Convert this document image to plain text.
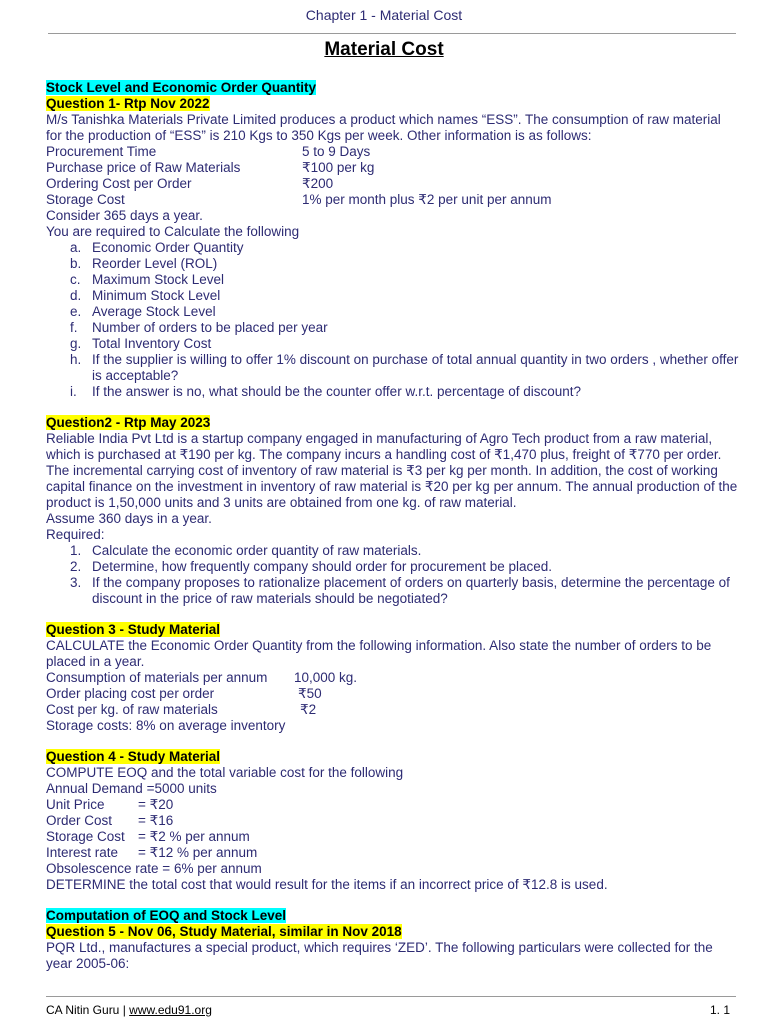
Chapter 1 - Material Cost
Material Cost

Stock Level and Economic Order Quantity

Question 1- Rtp Nov 2022

M/s Tanishka Materials Private Limited produces a product which names “ESS”. The consumption of raw material for the production of “ESS” is 210 Kgs to 350 Kgs per week. Other information is as follows:

Procurement Time	5 to 9 Days
Purchase price of Raw Materials	₹100 per kg
Ordering Cost per Order	₹200
Storage Cost	1% per month plus ₹2 per unit per annum

Consider 365 days a year.

You are required to Calculate the following

a. Economic Order Quantity
b. Reorder Level (ROL)
c. Maximum Stock Level
d. Minimum Stock Level
e. Average Stock Level
f.	Number of orders to be placed per year
g. Total Inventory Cost
h. If the supplier is willing to offer 1% discount on purchase of total annual quantity in two orders , whether offer is acceptable?
i.	If the answer is no, what should be the counter offer w.r.t. percentage of discount?

Question2 - Rtp May 2023

Reliable India Pvt Ltd is a startup company engaged in manufacturing of Agro Tech product from a raw material, which is purchased at ₹190 per kg. The company incurs a handling cost of ₹1,470 plus, freight of ₹770 per order. The incremental carrying cost of inventory of raw material is ₹3 per kg per month. In addition, the cost of working capital finance on the investment in inventory of raw material is ₹20 per kg per annum. The annual production of the product is 1,50,000 units and 3 units are obtained from one kg. of raw material.

Assume 360 days in a year.

Required:

1. Calculate the economic order quantity of raw materials.
2. Determine, how frequently company should order for procurement be placed.
3. If the company proposes to rationalize placement of orders on quarterly basis, determine the percentage of discount in the price of raw materials should be negotiated?

Question 3 - Study Material

CALCULATE the Economic Order Quantity from the following information. Also state the number of orders to be placed in a year.

Consumption of materials per annum	10,000 kg.
Order placing cost per order	₹50
Cost per kg. of raw materials	₹2

Storage costs: 8% on average inventory

Question 4 - Study Material

COMPUTE EOQ and the total variable cost for the following

Annual Demand =5000 units

Unit Price	= ₹20
Order Cost	= ₹16
Storage Cost = ₹2 % per annum
Interest rate	= ₹12 % per annum

Obsolescence rate = 6% per annum

DETERMINE the total cost that would result for the items if an incorrect price of ₹12.8 is used.

Computation of EOQ and Stock Level

Question 5 - Nov 06, Study Material, similar in Nov 2018

PQR Ltd., manufactures a special product, which requires ‘ZED’. The following particulars were collected for the year 2005-06:

CA Nitin Guru | www.edu91.org	1. 1
